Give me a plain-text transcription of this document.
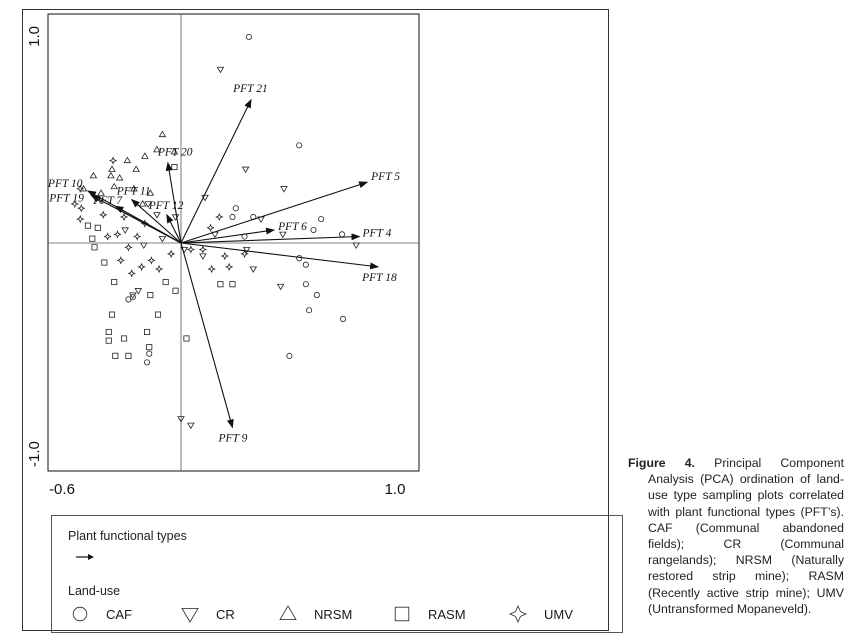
PFT 21
PFT 20
PFT 10
PFT 19 PFT 7
PFT 11
PFT 12
PFT 5
PFT 6
PFT 4
PFT 18
PFT 9
1.0
-1.0
-0.6	1.0
Plant functional types
Land-use
CAF	CR	NRSM	RASM	UMV
Figure 4. Principal Component Analysis (PCA) ordination of land-use type sampling plots correlated with plant functional types (PFT’s). CAF (Communal abandoned fields); CR (Communal rangelands); NRSM (Naturally restored strip mine); RASM (Recently active strip mine); UMV (Untransformed Mopaneveld).
